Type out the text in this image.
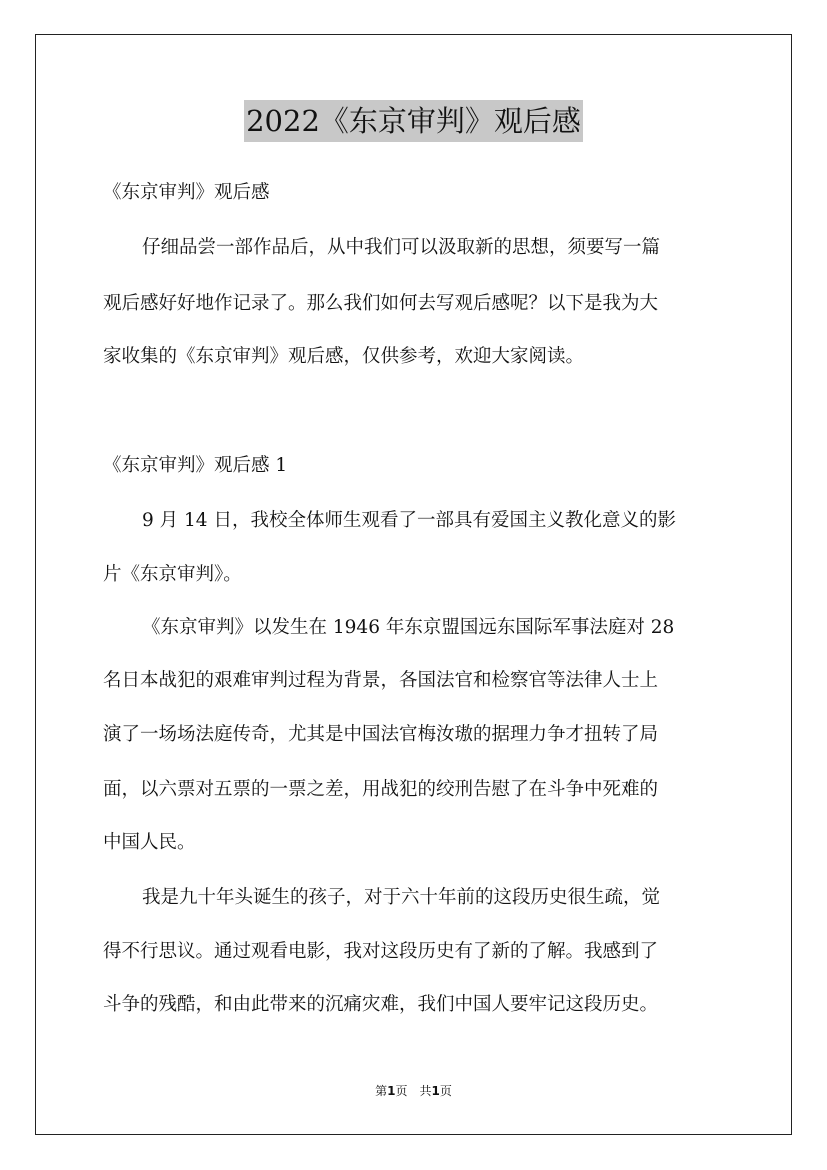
2022《东京审判》观后感
《东京审判》观后感
仔细品尝一部作品后，从中我们可以汲取新的思想，须要写一篇
观后感好好地作记录了。那么我们如何去写观后感呢？以下是我为大
家收集的《东京审判》观后感，仅供参考，欢迎大家阅读。
《东京审判》观后感 1
9 月 14 日，我校全体师生观看了一部具有爱国主义教化意义的影
片《东京审判》。
《东京审判》以发生在 1946 年东京盟国远东国际军事法庭对 28
名日本战犯的艰难审判过程为背景，各国法官和检察官等法律人士上
演了一场场法庭传奇，尤其是中国法官梅汝璈的据理力争才扭转了局
面，以六票对五票的一票之差，用战犯的绞刑告慰了在斗争中死难的
中国人民。
我是九十年头诞生的孩子，对于六十年前的这段历史很生疏，觉
得不行思议。通过观看电影，我对这段历史有了新的了解。我感到了
斗争的残酷，和由此带来的沉痛灾难，我们中国人要牢记这段历史。
第1页 共1页
